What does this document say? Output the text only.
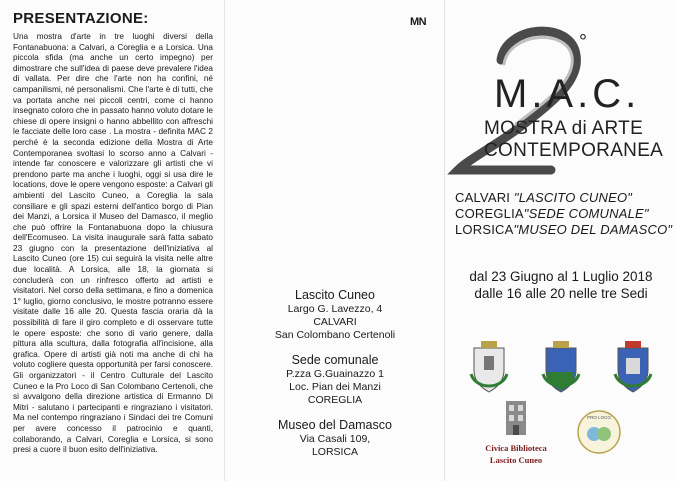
PRESENTAZIONE:

Una mostra d'arte in tre luoghi diversi della Fontanabuona: a Calvari, a Coreglia e a Lorsica. Una piccola sfida (ma anche un certo impegno) per dimostrare che sull'idea di paese deve prevalere l'idea di vallata. Per dire che l'arte non ha confini, né campanilismi, né personalismi. Che l'arte è di tutti, che va portata anche nei piccoli centri, come ci hanno insegnato coloro che in passato hanno voluto dotare le chiese di opere insigni o hanno abbellito con affreschi le facciate delle loro case . La mostra - definita MAC 2 perché è la seconda edizione della Mostra di Arte Contemporanea svoltasi lo scorso anno a Calvari - intende far conoscere e valorizzare gli artisti che vi prendono parte ma anche i luoghi, oggi si usa dire le locations, dove le opere vengono esposte: a Calvari gli ambienti del Lascito Cuneo, a Coreglia la sala consiliare e gli spazi esterni dell'antico borgo di Pian dei Manzi, a Lorsica il Museo del Damasco, il meglio che può offrire la Fontanabuona dopo la chiusura dell'Ecomuseo. La visita inaugurale sarà fatta sabato 23 giugno con la presentazione dell'iniziativa al Lascito Cuneo (ore 15) cui seguirà la visita nelle altre due località. A Lorsica, alle 18, la giornata si concluderà con un rinfresco offerto ad artisti e visitatori. Nel corso della settimana, e fino a domenica 1° luglio, giorno conclusivo, le mostre potranno essere visitate dalle 16 alle 20. Questa fascia oraria dà la possibilità di fare il giro completo e di osservare tutte le opere esposte: che sono di vario genere, dalla pittura alla scultura, dalla fotografia all'incisione, alla grafica. Opere di artisti già noti ma anche di chi ha voluto cogliere questa opportunità per farsi conoscere. Gli organizzatori - il Centro Culturale del Lascito Cuneo e la Pro Loco di San Colombano Certenoli, che si avvalgono della direzione artistica di Ermanno Di Mitri - salutano i partecipanti e ringraziano i visitatori. Ma nel contempo ringraziano i Sindaci dei tre Comuni per avere concesso il patrocinio e quanti, collaborando, a Calvari, Coreglia e Lorsica, si sono presi a cuore il buon esito dell'iniziativa.

Lascito Cuneo
Largo G. Lavezzo, 4
CALVARI
San Colombano Certenoli
Sede comunale
P.zza G.Guainazzo 1
Loc. Pian dei Manzi
COREGLIA
Museo del Damasco
Via Casali 109,
LORSICA
MN
°
M.A.C.
MOSTRA di ARTE
CONTEMPORANEA
CALVARI "LASCITO CUNEO"
COREGLIA"SEDE COMUNALE"
LORSICA"MUSEO DEL DAMASCO"
dal 23 Giugno al 1 Luglio 2018
dalle 16 alle 20 nelle tre Sedi
Civica Biblioteca
Lascito Cuneo
PRO LOCO
